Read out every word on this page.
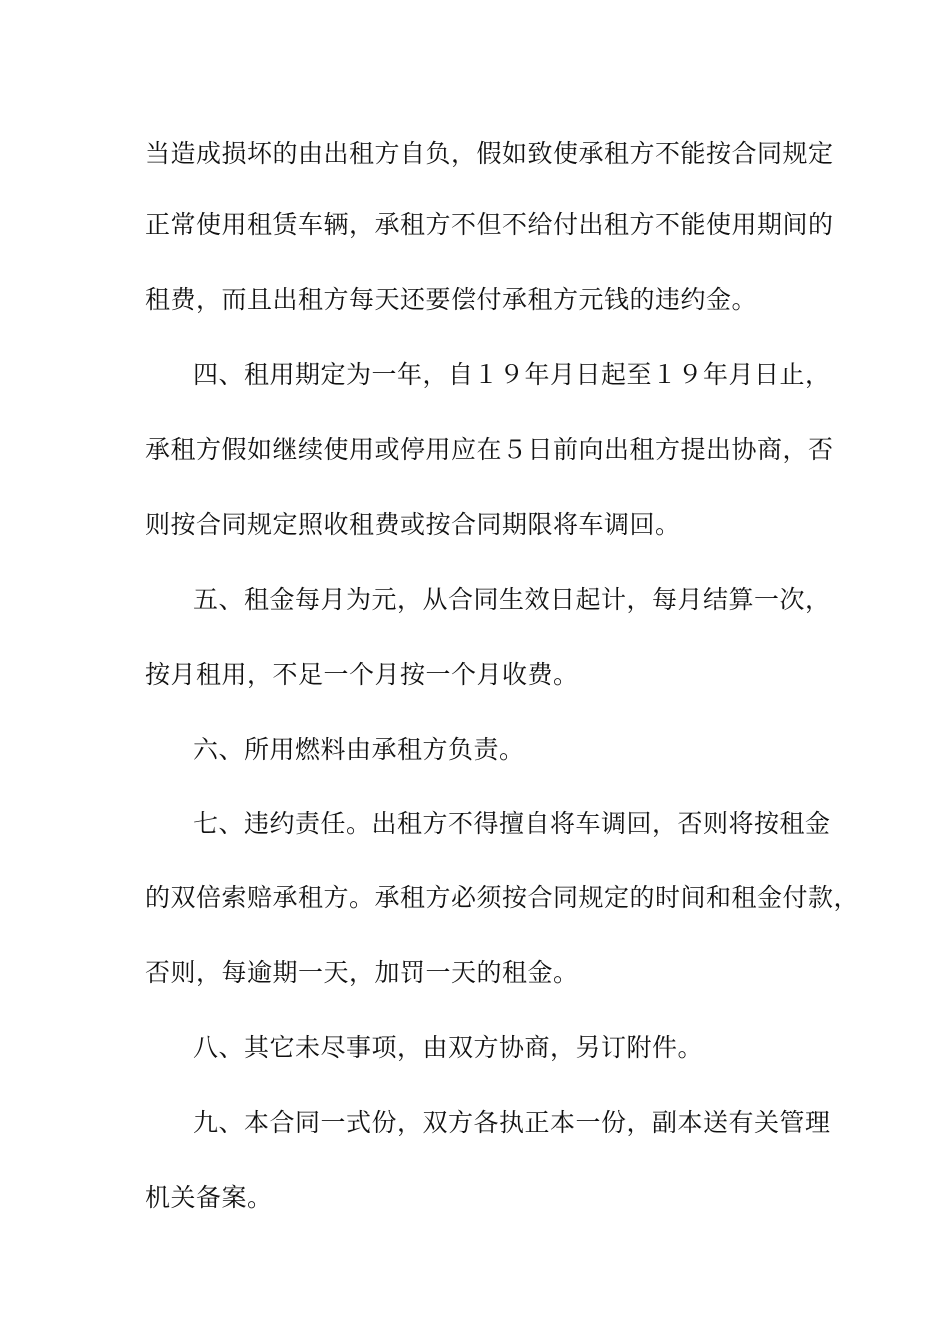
当造成损坏的由出租方自负，假如致使承租方不能按合同规定

正常使用租赁车辆，承租方不但不给付出租方不能使用期间的

租费，而且出租方每天还要偿付承租方元钱的违约金。

四、租用期定为一年，自１９年月日起至１９年月日止，

承租方假如继续使用或停用应在５日前向出租方提出协商，否

则按合同规定照收租费或按合同期限将车调回。

五、租金每月为元，从合同生效日起计，每月结算一次，

按月租用，不足一个月按一个月收费。

六、所用燃料由承租方负责。

七、违约责任。出租方不得擅自将车调回，否则将按租金

的双倍索赔承租方。承租方必须按合同规定的时间和租金付款，

否则，每逾期一天，加罚一天的租金。

八、其它未尽事项，由双方协商，另订附件。

九、本合同一式份，双方各执正本一份，副本送有关管理

机关备案。
